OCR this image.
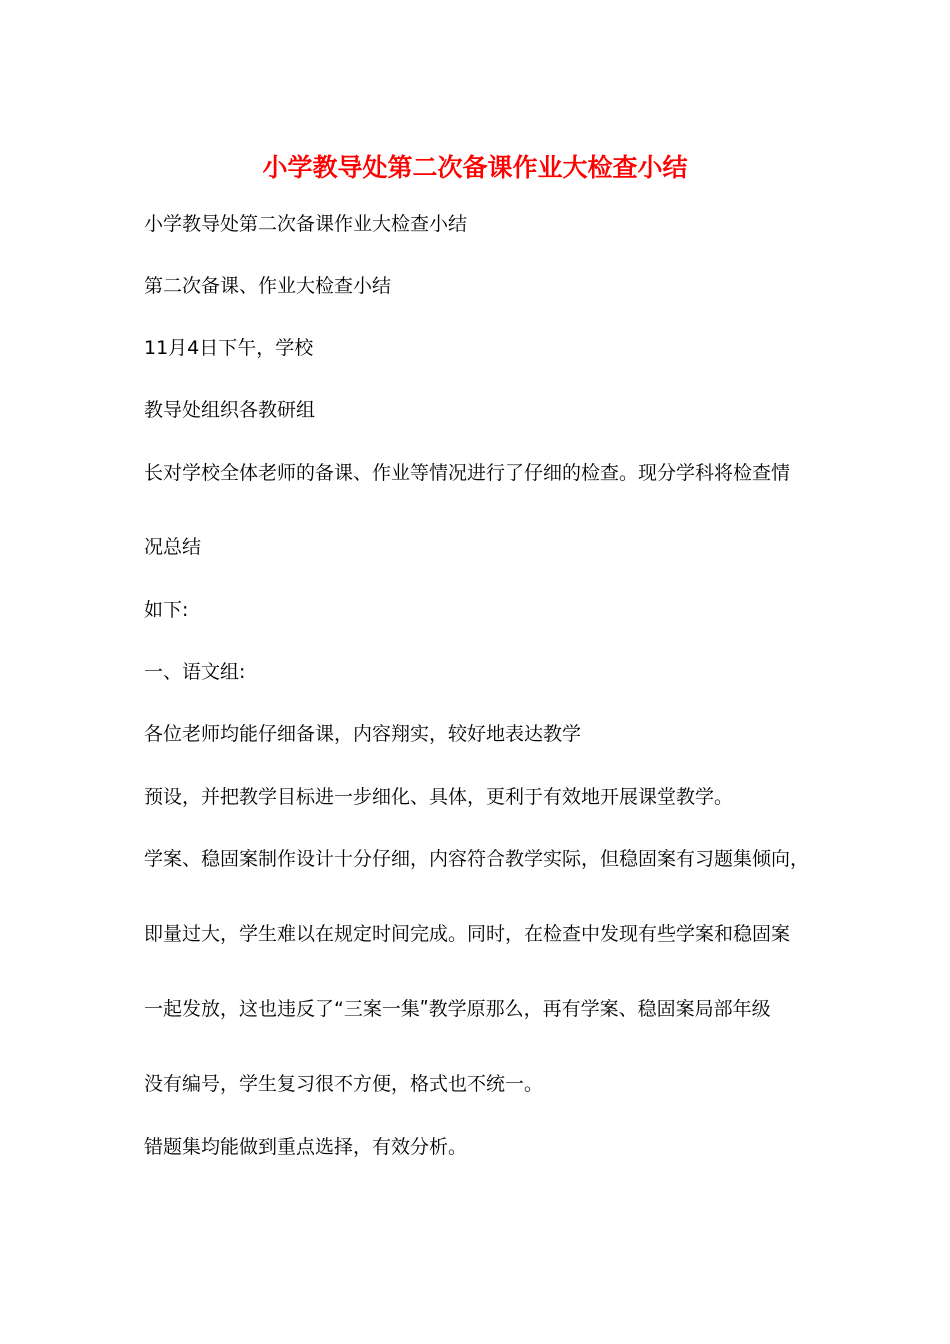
小学教导处第二次备课作业大检查小结
小学教导处第二次备课作业大检查小结
第二次备课、作业大检查小结
11月4日下午，学校
教导处组织各教研组
长对学校全体老师的备课、作业等情况进行了仔细的检查。现分学科将检查情
况总结
如下:
一、语文组:
各位老师均能仔细备课，内容翔实，较好地表达教学
预设，并把教学目标进一步细化、具体，更利于有效地开展课堂教学。
学案、稳固案制作设计十分仔细，内容符合教学实际，但稳固案有习题集倾向，
即量过大，学生难以在规定时间完成。同时，在检查中发现有些学案和稳固案
一起发放，这也违反了“三案一集ʺ教学原那么，再有学案、稳固案局部年级
没有编号，学生复习很不方便，格式也不统一。
错题集均能做到重点选择，有效分析。
